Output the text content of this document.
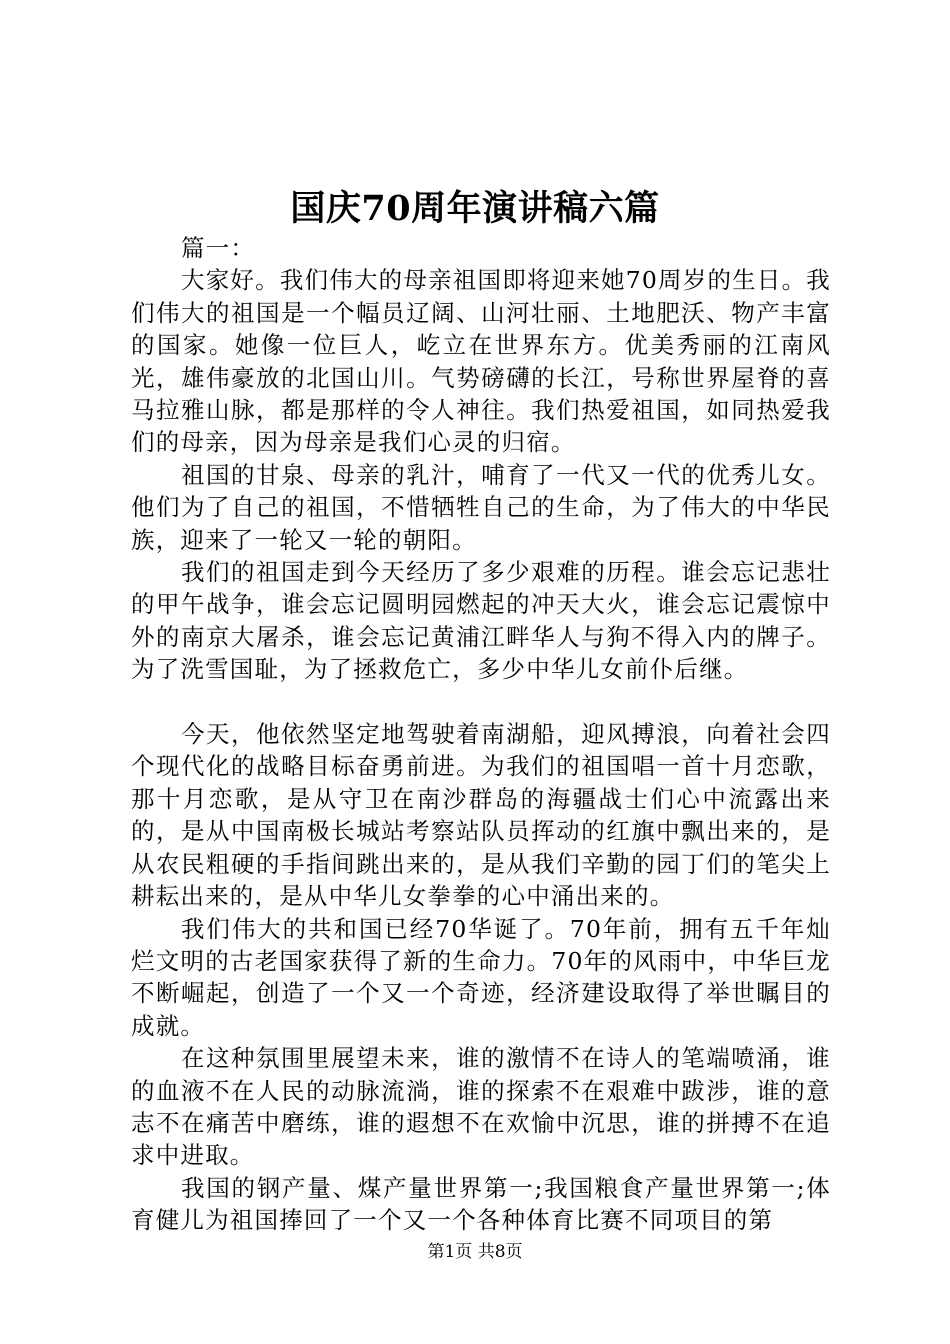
国庆70周年演讲稿六篇

篇一：

大家好。我们伟大的母亲祖国即将迎来她70周岁的生日。我们伟大的祖国是一个幅员辽阔、山河壮丽、土地肥沃、物产丰富的国家。她像一位巨人，屹立在世界东方。优美秀丽的江南风光，雄伟豪放的北国山川。气势磅礴的长江，号称世界屋脊的喜马拉雅山脉，都是那样的令人神往。我们热爱祖国，如同热爱我们的母亲，因为母亲是我们心灵的归宿。

祖国的甘泉、母亲的乳汁，哺育了一代又一代的优秀儿女。他们为了自己的祖国，不惜牺牲自己的生命，为了伟大的中华民族，迎来了一轮又一轮的朝阳。

我们的祖国走到今天经历了多少艰难的历程。谁会忘记悲壮的甲午战争，谁会忘记圆明园燃起的冲天大火，谁会忘记震惊中外的南京大屠杀，谁会忘记黄浦江畔华人与狗不得入内的牌子。为了洗雪国耻，为了拯救危亡，多少中华儿女前仆后继。

今天，他依然坚定地驾驶着南湖船，迎风搏浪，向着社会四个现代化的战略目标奋勇前进。为我们的祖国唱一首十月恋歌，那十月恋歌，是从守卫在南沙群岛的海疆战士们心中流露出来的，是从中国南极长城站考察站队员挥动的红旗中飘出来的，是从农民粗硬的手指间跳出来的，是从我们辛勤的园丁们的笔尖上耕耘出来的，是从中华儿女拳拳的心中涌出来的。

我们伟大的共和国已经70华诞了。70年前，拥有五千年灿烂文明的古老国家获得了新的生命力。70年的风雨中，中华巨龙不断崛起，创造了一个又一个奇迹，经济建设取得了举世瞩目的成就。

在这种氛围里展望未来，谁的激情不在诗人的笔端喷涌，谁的血液不在人民的动脉流淌，谁的探索不在艰难中跋涉，谁的意志不在痛苦中磨练，谁的遐想不在欢愉中沉思，谁的拼搏不在追求中进取。

我国的钢产量、煤产量世界第一;我国粮食产量世界第一;体育健儿为祖国捧回了一个又一个各种体育比赛不同项目的第

第1页 共8页
